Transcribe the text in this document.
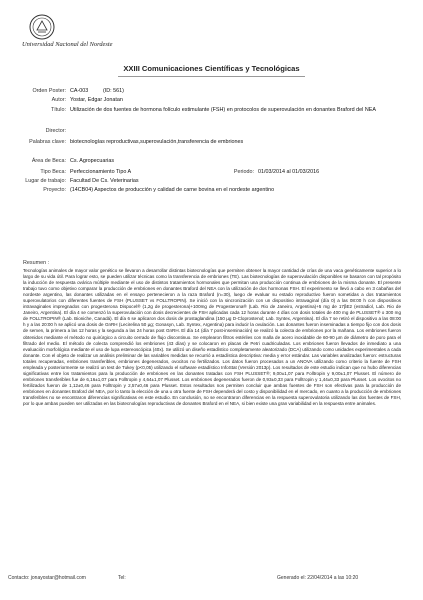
Universidad Nacional del Nordeste
XXIII Comunicaciones Científicas y Tecnológicas
Orden Poster: CA-003	(ID: 561)
Autor: Yostar, Edgar Jonatan
Título: Utilización de dos fuentes de hormona folículo estimulante (FSH) en protocolos de superovulación en donantes Braford del NEA
Director:
Palabras clave: biotecnologías reproductivas,superovulación,transferencia de embriones
Área de Beca: Cs. Agropecuarias
Tipo Beca: Perfeccionamiento Tipo A	Periodo: 01/03/2014 al 01/03/2016
Lugar de trabajo: Facultad De Cs. Veterinarias
Proyecto: (14CB04) Aspectos de producción y calidad de carne bovina en el nordeste argentino
Resumen :
Tecnologías animales de mayor valor genético se llevaron a desarrollar distintas biotecnologías que permiten obtener la mayor cantidad de crías de una vaca genéticamente superior a lo largo de su vida útil. Para lograr esto, se pueden utilizar técnicas como la transferencia de embriones (TE). Las biotecnologías de superovulación disponibles se basaron con tal propósito la inducción de respuesta ovárica múltiple mediante el uso de distintos tratamientos hormonales que permitan una producción continua de embriones de la misma donante. El presente trabajo tuvo como objetivo comparar la producción de embriones en donantes Braford del NEA con la utilización de dos hormonas FSH. El experimento se llevó a cabo en 3 cabañas del nordeste argentino, las donantes utilizadas en el ensayo pertenecieron a la raza Braford (n=30), luego de evaluar su estado reproductivo fueron sometidas a dos tratamientos superovulatorios con diferentes fuentes de FSH (PLUSSET vs FOLLTROPIN). Se inició con la sincronización con un dispositivo intravaginal (día 0) a las 08:00 h con dispositivos intravaginales impregnados con progesterona Dispocel® (1,2g de progesterona)+100mg de Progesterona® (Lab. Rio de Janeiro, Argentina)+5 mg de 17βE2 (estradiol, Lab. Rio de Janeiro, Argentina). El día 4 se comenzó la superovulación con dosis decrecientes de FSH aplicadas cada 12 horas durante 4 días con dosis totales de 400 mg de PLUSSET® o 300 mg de FOLLTROPIN® (Lab. Bioniche, Canadá). El día 6 se aplicaron dos dosis de prostaglandina (150 µg D-Cloprostenol; Lab. Syntex, Argentina). El día 7 se retiró el dispositivo a las 08:00 h y a las 20:00 h se aplicó una dosis de GnRH (Lecirelina 50 µg; Gonasyn, Lab. Syntex, Argentina) para inducir la ovulación. Las donantes fueron inseminadas a tiempo fijo con dos dosis de semen, la primera a las 12 horas y la segunda a las 24 horas post GnRH. El día 14 (día 7 post-inseminación) se realizó la colecta de embriones por la mañana. Los embriones fueron obtenidos mediante el método no quirúrgico a circuito cerrado de flujo discontinuo. Se emplearon filtros estériles con malla de acero inoxidable de 60-90 µm de diámetro de poro para el filtrado del medio. El método de colecta comprendió los embriones (43 días) y se colocaron en placas de Petri cuadriculadas. Los embriones fueron llevados de inmediato a una evaluación morfológica mediante el uso de lupa estereoscópica (40x). Se utilizó un diseño estadístico completamente aleatorizado (DCA) utilizando como unidades experimentales a cada donante. Con el objeto de realizar un análisis preliminar de las variables medidas se recurrió a estadística descriptiva: media y error estándar. Las variables analizadas fueron: estructuras totales recuperadas, embriones transferibles, embriones degenerados, ovocitos no fertilizados. Los datos fueron procesados a un ANOVA utilizando como criterio la fuente de FSH empleada y posteriormente se realizó un test de Tukey (p<0,05) utilizando el software estadístico InfoStat (Versión 2013p). Los resultados de este estudio indican que no hubo diferencias significativas entre los tratamientos para la producción de embriones en las donantes tratadas con FSH PLUSSET®; 9,00±1,07 para Folltropin y 9,00±1,07 Plusset. El número de embriones transferibles fue de 6,16±1,07 para Folltropin y 4,64±1,07 Plusset. Los embriones degenerados fueron de 0,93±0,33 para Folltropin y 1,44±0,33 para Plusset. Los ovocitos no fertilizados fueron de 1,12±0,46 para Folltropin y 2,57±0,46 para Plusset. Estos resultados nos permiten concluir que ambas fuentes de FSH son efectivas para la producción de embriones en donantes Braford del NEA, por lo tanto la elección de una u otra fuente de FSH dependerá del costo y disponibilidad en el mercado, en cuanto a la producción de embriones transferibles no se encontraron diferencias significativas en este estudio. En conclusión, no se encontraron diferencias en la respuesta superovulatoria utilizando las dos fuentes de FSH, por lo que ambas pueden ser utilizadas en las biotecnologías reproductivas de donantes Braford en el NEA, si bien existe una gran variabilidad en la respuesta entre animales.
Contacto: jonayostar@hotmail.com	Tel:	Generado el: 22/04/2014 a las 10:20
